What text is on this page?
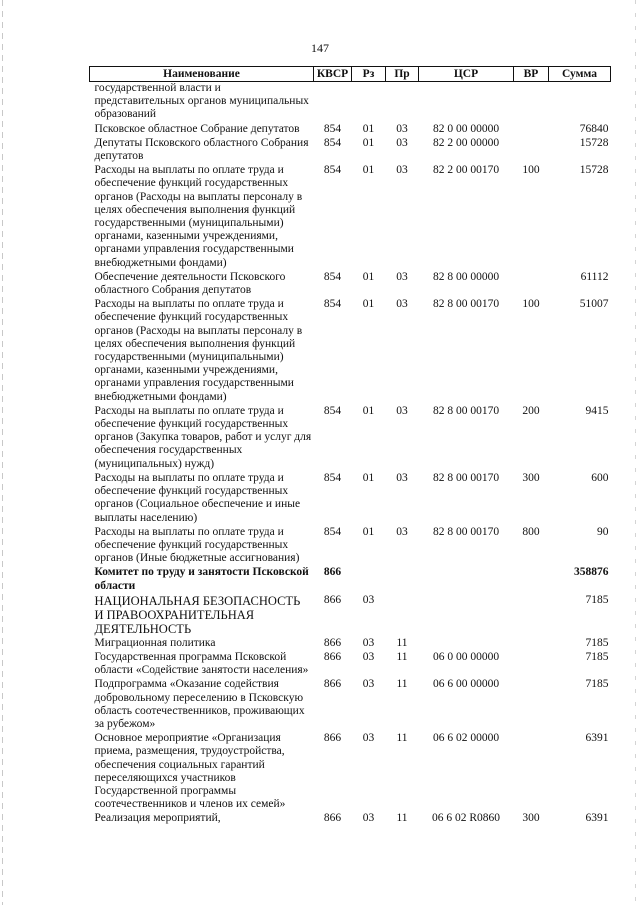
147
Наименование	КВСР	Рз	Пр	ЦСР	ВР	Сумма
государственной власти и представительных органов муниципальных образований						
Псковское областное Собрание депутатов	854	01	03	82 0 00 00000		76840
Депутаты Псковского областного Собрания депутатов	854	01	03	82 2 00 00000		15728
Расходы на выплаты по оплате труда и обеспечение функций государственных органов (Расходы на выплаты персоналу в целях обеспечения выполнения функций государственными (муниципальными) органами, казенными учреждениями, органами управления государственными внебюджетными фондами)	854	01	03	82 2 00 00170	100	15728
Обеспечение деятельности Псковского областного Собрания депутатов	854	01	03	82 8 00 00000		61112
Расходы на выплаты по оплате труда и обеспечение функций государственных органов (Расходы на выплаты персоналу в целях обеспечения выполнения функций государственными (муниципальными) органами, казенными учреждениями, органами управления государственными внебюджетными фондами)	854	01	03	82 8 00 00170	100	51007
Расходы на выплаты по оплате труда и обеспечение функций государственных органов (Закупка товаров, работ и услуг для обеспечения государственных (муниципальных) нужд)	854	01	03	82 8 00 00170	200	9415
Расходы на выплаты по оплате труда и обеспечение функций государственных органов (Социальное обеспечение и иные выплаты населению)	854	01	03	82 8 00 00170	300	600
Расходы на выплаты по оплате труда и обеспечение функций государственных органов (Иные бюджетные ассигнования)	854	01	03	82 8 00 00170	800	90
Комитет по труду и занятости Псковской области	866					358876
НАЦИОНАЛЬНАЯ БЕЗОПАСНОСТЬ И ПРАВООХРАНИТЕЛЬНАЯ ДЕЯТЕЛЬНОСТЬ	866	03				7185
Миграционная политика	866	03	11			7185
Государственная программа Псковской области «Содействие занятости населения»	866	03	11	06 0 00 00000		7185
Подпрограмма «Оказание содействия добровольному переселению в Псковскую область соотечественников, проживающих за рубежом»	866	03	11	06 6 00 00000		7185
Основное мероприятие «Организация приема, размещения, трудоустройства, обеспечения социальных гарантий переселяющихся участников Государственной программы соотечественников и членов их семей»	866	03	11	06 6 02 00000		6391
Реализация мероприятий,	866	03	11	06 6 02 R0860	300	6391
